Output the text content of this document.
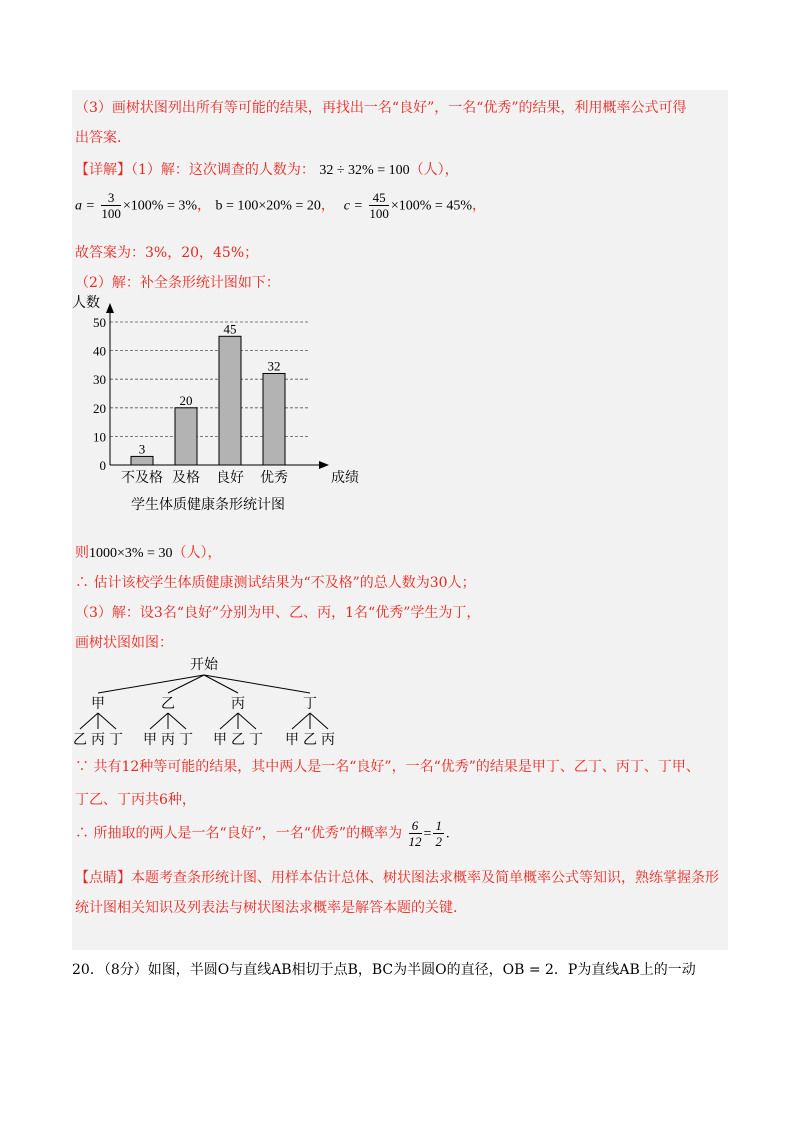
（3）画树状图列出所有等可能的结果，再找出一名“良好”，一名“优秀”的结果，利用概率公式可得
出答案．
【详解】（1）解：这次调查的人数为： 32 ÷ 32% = 100（人），
$a = \frac{3}{100} \times 100\% = 3\%$， b = 100×20% = 20， $c = \frac{45}{100} \times 100\% = 45\%$，
故答案为：3%，20，45%；
（2）解：补全条形统计图如下：
0
10
20
30
40
50
人数
成绩
3
不及格
20
及格
45
良好
32
优秀
学生体质健康条形统计图
则1000×3% = 30（人），
∴ 估计该校学生体质健康测试结果为“不及格”的总人数为30人；
（3）解：设3名“良好”分别为甲、乙、丙，1名“优秀”学生为丁，
画树状图如图：
开始
甲
乙 丙 丁
乙
甲 丙 丁
丙
甲 乙 丁
丁
甲 乙 丙
∵ 共有12种等可能的结果，其中两人是一名“良好”，一名“优秀”的结果是甲丁、乙丁、丙丁、丁甲、
丁乙、丁丙共6种，
∴ 所抽取的两人是一名“良好”，一名“优秀”的概率为 $\frac{6}{12} = \frac{1}{2}$ .
【点睛】本题考查条形统计图、用样本估计总体、树状图法求概率及简单概率公式等知识，熟练掌握条形
统计图相关知识及列表法与树状图法求概率是解答本题的关键.
20．（8分）如图，半圆O与直线AB相切于点B，BC为半圆O的直径，OB = 2．P为直线AB上的一动
